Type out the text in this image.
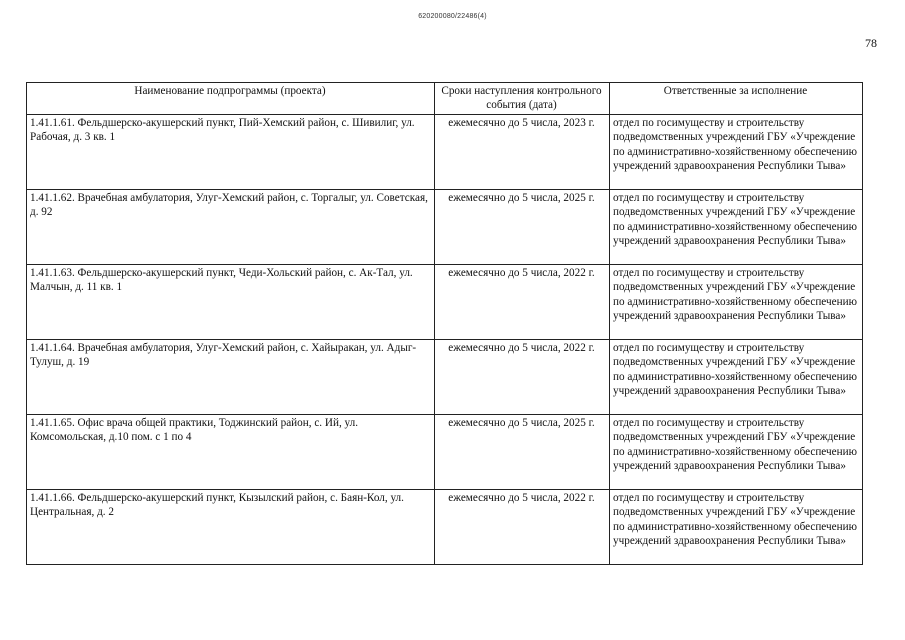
620200080/22486(4)
78
Наименование подпрограммы (проекта)	Сроки наступления контрольного события (дата)	Ответственные за исполнение
1.41.1.61. Фельдшерско-акушерский пункт, Пий-Хемский район, с. Шивилиг, ул. Рабочая, д. 3 кв. 1	ежемесячно до 5 числа, 2023 г.	отдел по госимуществу и строительству подведомственных учреждений ГБУ «Учреждение по административно-хозяйственному обеспечению учреждений здравоохранения Республики Тыва»
1.41.1.62. Врачебная амбулатория, Улуг-Хемский район, с. Торгалыг, ул. Советская, д. 92	ежемесячно до 5 числа, 2025 г.	отдел по госимуществу и строительству подведомственных учреждений ГБУ «Учреждение по административно-хозяйственному обеспечению учреждений здравоохранения Республики Тыва»
1.41.1.63. Фельдшерско-акушерский пункт, Чеди-Хольский район, с. Ак-Тал, ул. Малчын, д. 11 кв. 1	ежемесячно до 5 числа, 2022 г.	отдел по госимуществу и строительству подведомственных учреждений ГБУ «Учреждение по административно-хозяйственному обеспечению учреждений здравоохранения Республики Тыва»
1.41.1.64. Врачебная амбулатория, Улуг-Хемский район, с. Хайыракан, ул. Адыг-Тулуш, д. 19	ежемесячно до 5 числа, 2022 г.	отдел по госимуществу и строительству подведомственных учреждений ГБУ «Учреждение по административно-хозяйственному обеспечению учреждений здравоохранения Республики Тыва»
1.41.1.65. Офис врача общей практики, Тоджинский район, с. Ий, ул. Комсомольская, д.10 пом. с 1 по 4	ежемесячно до 5 числа, 2025 г.	отдел по госимуществу и строительству подведомственных учреждений ГБУ «Учреждение по административно-хозяйственному обеспечению учреждений здравоохранения Республики Тыва»
1.41.1.66. Фельдшерско-акушерский пункт, Кызылский район, с. Баян-Кол, ул. Центральная, д. 2	ежемесячно до 5 числа, 2022 г.	отдел по госимуществу и строительству подведомственных учреждений ГБУ «Учреждение по административно-хозяйственному обеспечению учреждений здравоохранения Республики Тыва»
